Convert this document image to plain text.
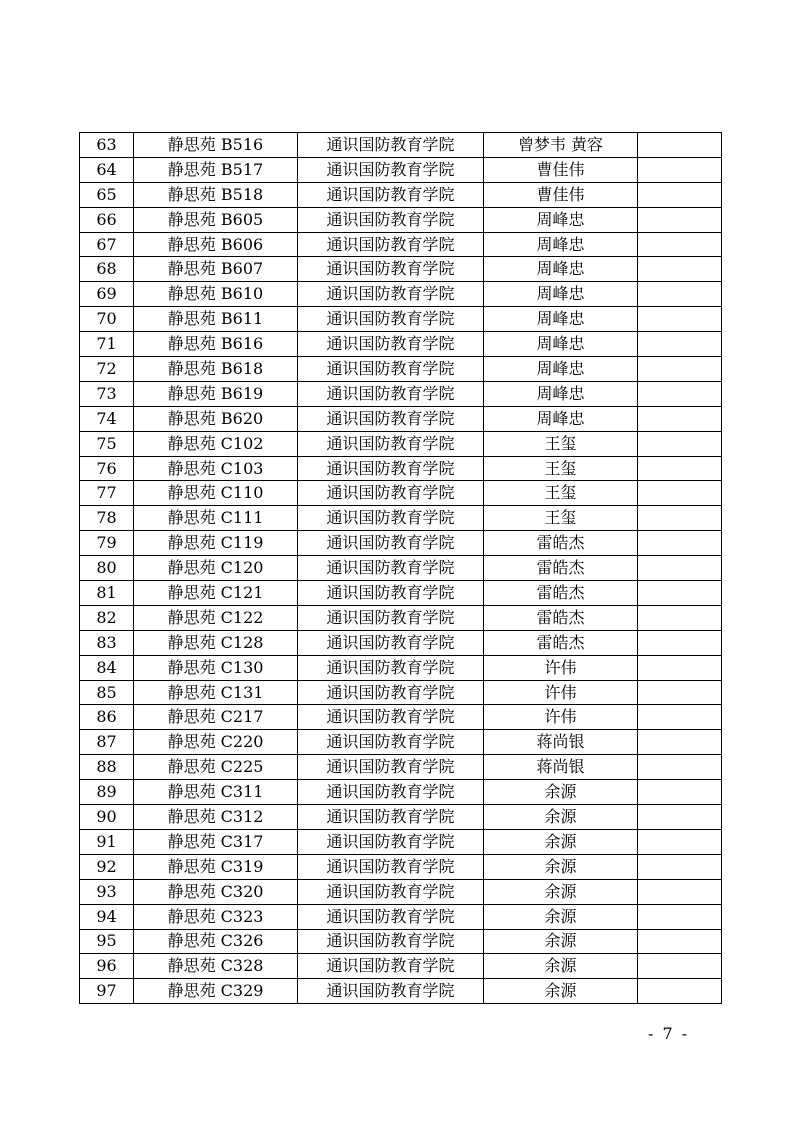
63	静思苑 B516	通识国防教育学院	曾梦韦 黄容	
64	静思苑 B517	通识国防教育学院	曹佳伟	
65	静思苑 B518	通识国防教育学院	曹佳伟	
66	静思苑 B605	通识国防教育学院	周峰忠	
67	静思苑 B606	通识国防教育学院	周峰忠	
68	静思苑 B607	通识国防教育学院	周峰忠	
69	静思苑 B610	通识国防教育学院	周峰忠	
70	静思苑 B611	通识国防教育学院	周峰忠	
71	静思苑 B616	通识国防教育学院	周峰忠	
72	静思苑 B618	通识国防教育学院	周峰忠	
73	静思苑 B619	通识国防教育学院	周峰忠	
74	静思苑 B620	通识国防教育学院	周峰忠	
75	静思苑 C102	通识国防教育学院	王玺	
76	静思苑 C103	通识国防教育学院	王玺	
77	静思苑 C110	通识国防教育学院	王玺	
78	静思苑 C111	通识国防教育学院	王玺	
79	静思苑 C119	通识国防教育学院	雷皓杰	
80	静思苑 C120	通识国防教育学院	雷皓杰	
81	静思苑 C121	通识国防教育学院	雷皓杰	
82	静思苑 C122	通识国防教育学院	雷皓杰	
83	静思苑 C128	通识国防教育学院	雷皓杰	
84	静思苑 C130	通识国防教育学院	许伟	
85	静思苑 C131	通识国防教育学院	许伟	
86	静思苑 C217	通识国防教育学院	许伟	
87	静思苑 C220	通识国防教育学院	蒋尚银	
88	静思苑 C225	通识国防教育学院	蒋尚银	
89	静思苑 C311	通识国防教育学院	余源	
90	静思苑 C312	通识国防教育学院	余源	
91	静思苑 C317	通识国防教育学院	余源	
92	静思苑 C319	通识国防教育学院	余源	
93	静思苑 C320	通识国防教育学院	余源	
94	静思苑 C323	通识国防教育学院	余源	
95	静思苑 C326	通识国防教育学院	余源	
96	静思苑 C328	通识国防教育学院	余源	
97	静思苑 C329	通识国防教育学院	余源	
- 7 -
